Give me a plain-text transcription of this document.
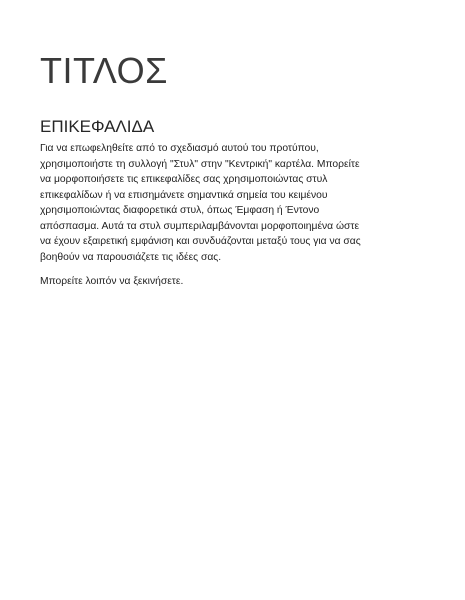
ΤΙΤΛΟΣ
ΕΠΙΚΕΦΑΛΙΔΑ

Για να επωφεληθείτε από το σχεδιασμό αυτού του προτύπου,
χρησιμοποιήστε τη συλλογή "Στυλ" στην "Κεντρική" καρτέλα. Μπορείτε
να μορφοποιήσετε τις επικεφαλίδες σας χρησιμοποιώντας στυλ
επικεφαλίδων ή να επισημάνετε σημαντικά σημεία του κειμένου
χρησιμοποιώντας διαφορετικά στυλ, όπως Έμφαση ή Έντονο
απόσπασμα. Αυτά τα στυλ συμπεριλαμβάνονται μορφοποιημένα ώστε
να έχουν εξαιρετική εμφάνιση και συνδυάζονται μεταξύ τους για να σας
βοηθούν να παρουσιάζετε τις ιδέες σας.

Μπορείτε λοιπόν να ξεκινήσετε.
